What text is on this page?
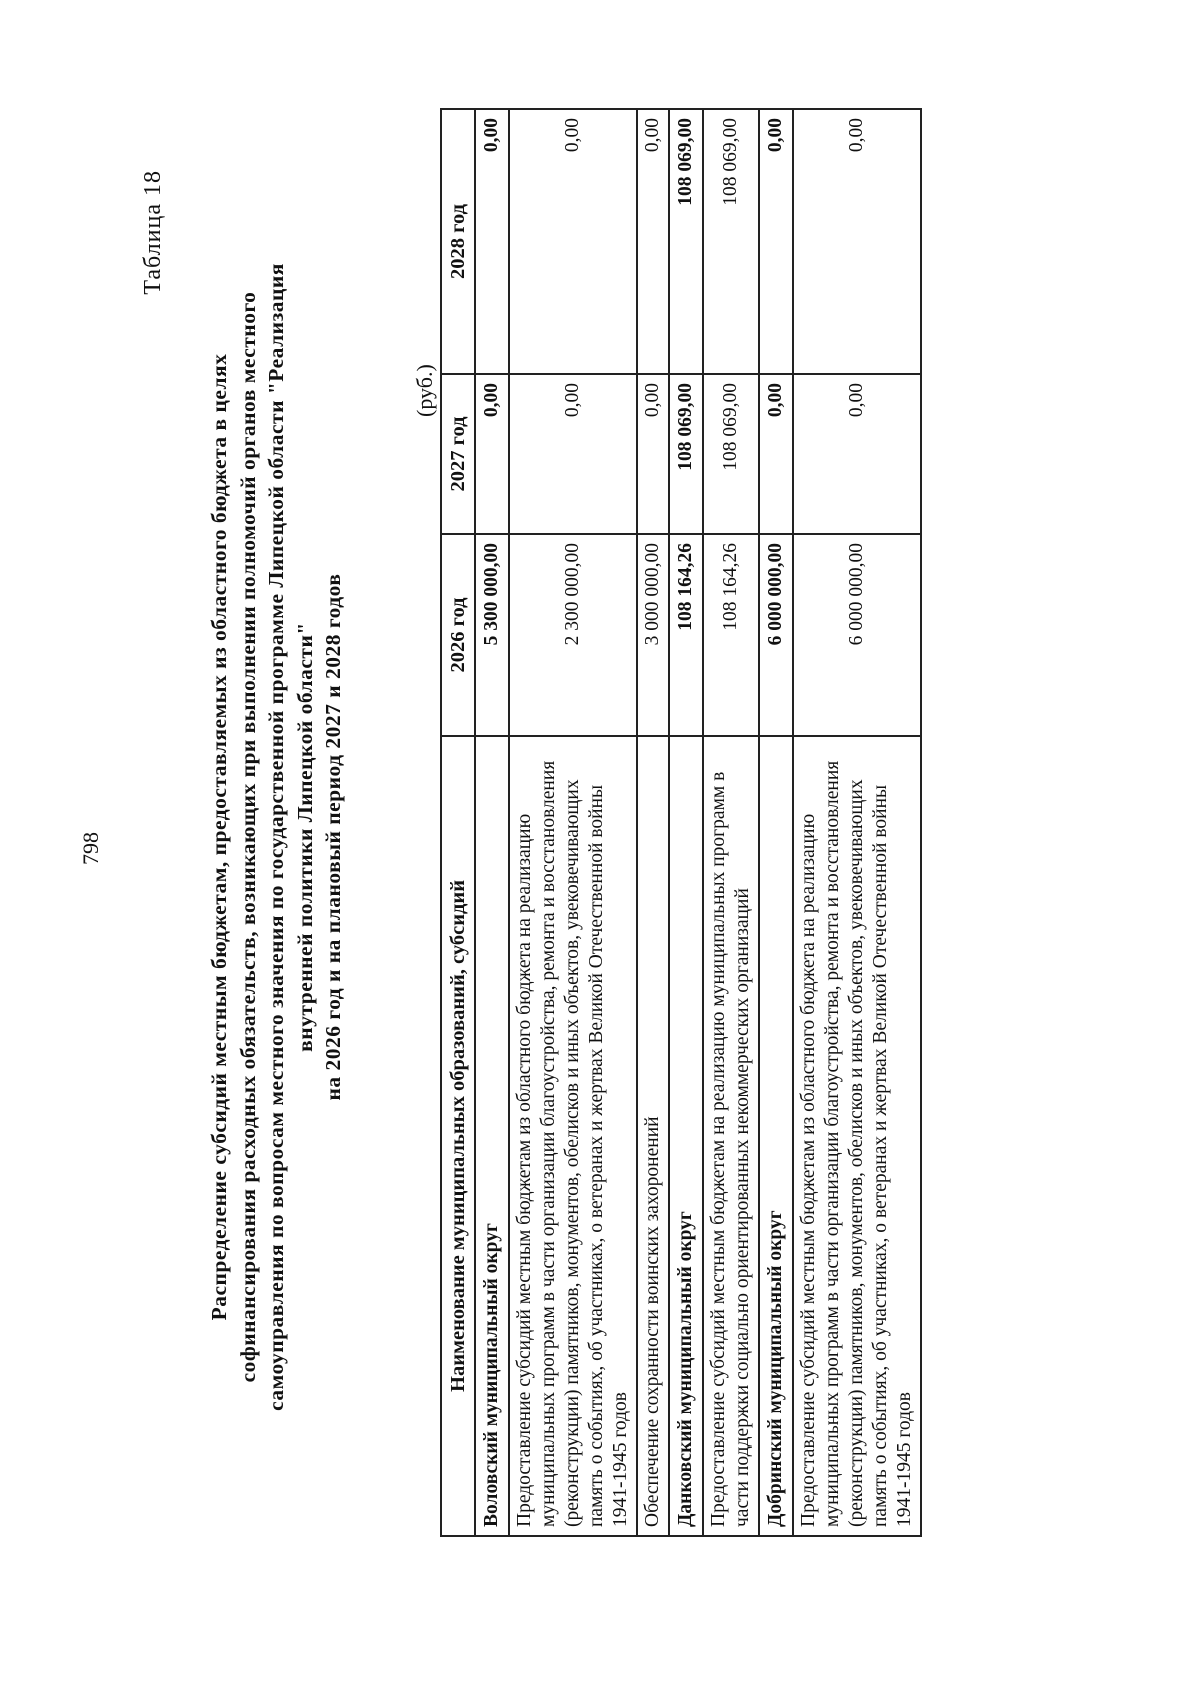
798
Таблица 18
Распределение субсидий местным бюджетам, предоставляемых из областного бюджета в целях софинансирования расходных обязательств, возникающих при выполнении полномочий органов местного самоуправления по вопросам местного значения по государственной программе Липецкой области "Реализация внутренней политики Липецкой области" на 2026 год и на плановый период 2027 и 2028 годов
(руб.)
Наименование муниципальных образований, субсидий	2026 год	2027 год	2028 год
Воловский муниципальный округ	5 300 000,00	0,00	0,00
Предоставление субсидий местным бюджетам из областного бюджета на реализацию муниципальных программ в части организации благоустройства, ремонта и восстановления (реконструкции) памятников, монументов, обелисков и иных объектов, увековечивающих память о событиях, об участниках, о ветеранах и жертвах Великой Отечественной войны 1941-1945 годов	2 300 000,00	0,00	0,00
Обеспечение сохранности воинских захоронений	3 000 000,00	0,00	0,00
Данковский муниципальный округ	108 164,26	108 069,00	108 069,00
Предоставление субсидий местным бюджетам на реализацию муниципальных программ в части поддержки социально ориентированных некоммерческих организаций	108 164,26	108 069,00	108 069,00
Добринский муниципальный округ	6 000 000,00	0,00	0,00
Предоставление субсидий местным бюджетам из областного бюджета на реализацию муниципальных программ в части организации благоустройства, ремонта и восстановления (реконструкции) памятников, монументов, обелисков и иных объектов, увековечивающих память о событиях, об участниках, о ветеранах и жертвах Великой Отечественной войны 1941-1945 годов	6 000 000,00	0,00	0,00
